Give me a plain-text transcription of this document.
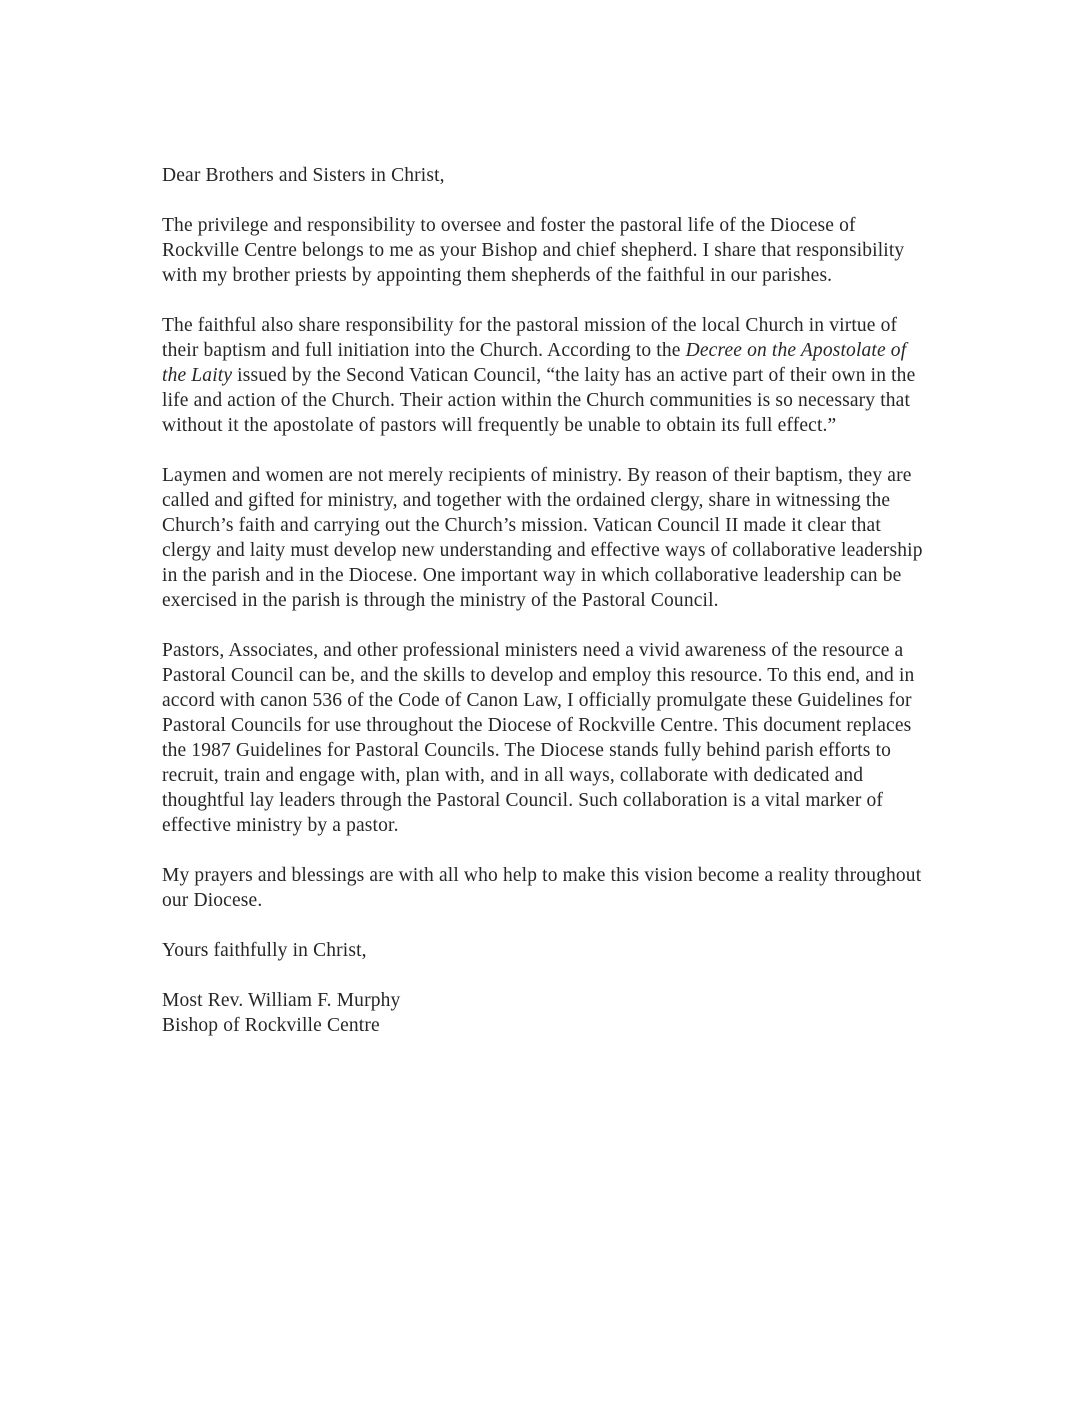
Dear Brothers and Sisters in Christ,

The privilege and responsibility to oversee and foster the pastoral life of the Diocese of Rockville Centre belongs to me as your Bishop and chief shepherd. I share that responsibility with my brother priests by appointing them shepherds of the faithful in our parishes.

The faithful also share responsibility for the pastoral mission of the local Church in virtue of their baptism and full initiation into the Church. According to the Decree on the Apostolate of the Laity issued by the Second Vatican Council, “the laity has an active part of their own in the life and action of the Church. Their action within the Church communities is so necessary that without it the apostolate of pastors will frequently be unable to obtain its full effect.”

Laymen and women are not merely recipients of ministry. By reason of their baptism, they are called and gifted for ministry, and together with the ordained clergy, share in witnessing the Church’s faith and carrying out the Church’s mission. Vatican Council II made it clear that clergy and laity must develop new understanding and effective ways of collaborative leadership in the parish and in the Diocese. One important way in which collaborative leadership can be exercised in the parish is through the ministry of the Pastoral Council.

Pastors, Associates, and other professional ministers need a vivid awareness of the resource a Pastoral Council can be, and the skills to develop and employ this resource. To this end, and in accord with canon 536 of the Code of Canon Law, I officially promulgate these Guidelines for Pastoral Councils for use throughout the Diocese of Rockville Centre. This document replaces the 1987 Guidelines for Pastoral Councils. The Diocese stands fully behind parish efforts to recruit, train and engage with, plan with, and in all ways, collaborate with dedicated and thoughtful lay leaders through the Pastoral Council. Such collaboration is a vital marker of effective ministry by a pastor.

My prayers and blessings are with all who help to make this vision become a reality throughout our Diocese.

Yours faithfully in Christ,

Most Rev. William F. Murphy

Bishop of Rockville Centre
